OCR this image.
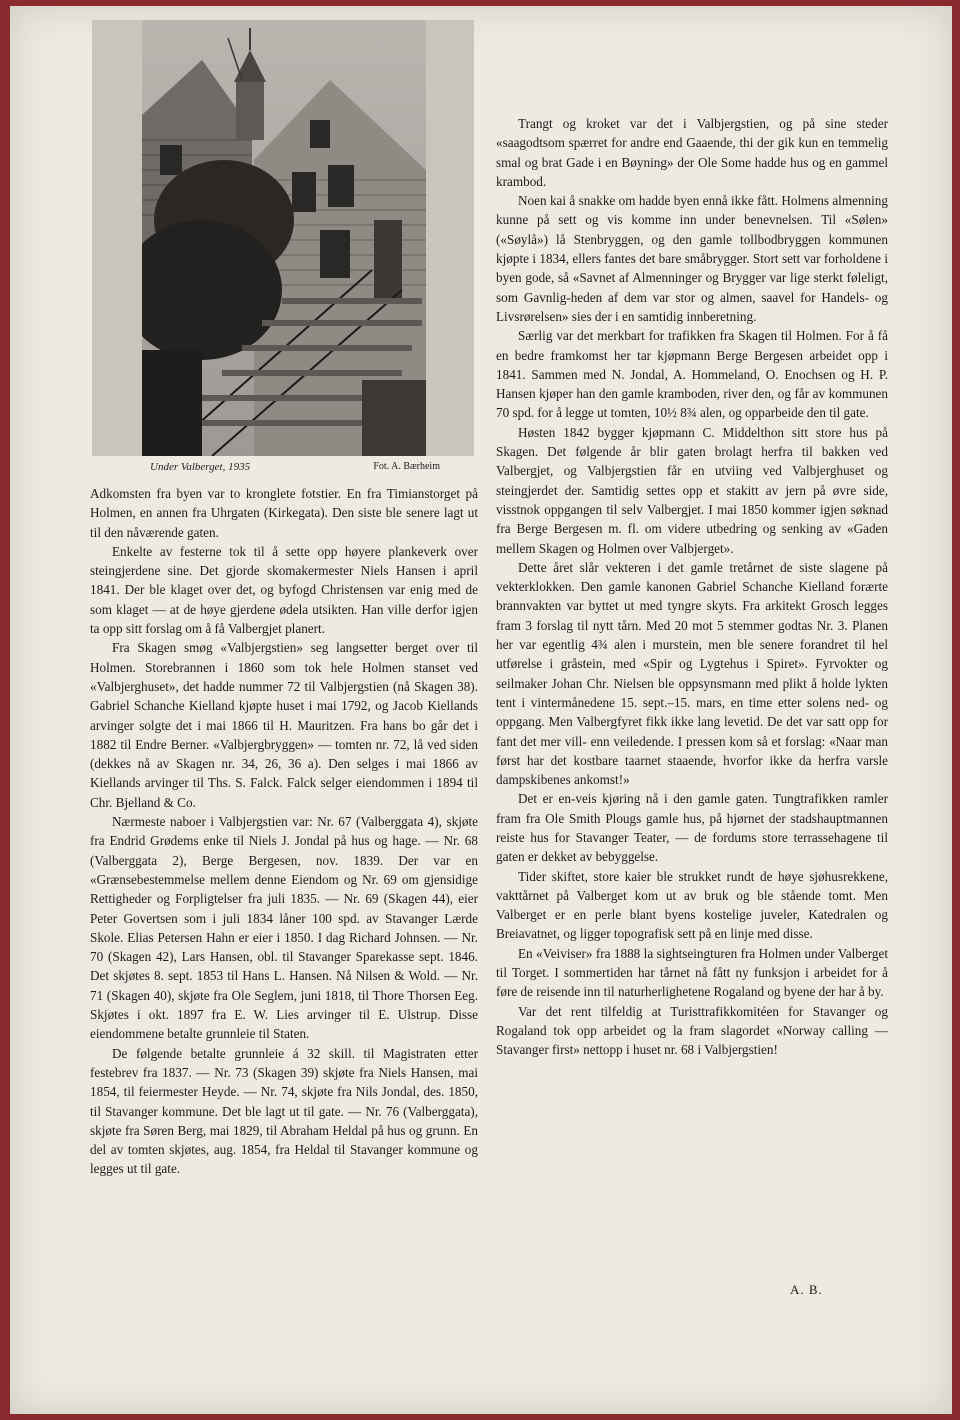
Under Valberget, 1935	Fot. A. Bærheim

Adkomsten fra byen var to kronglete fotstier. En fra Timianstorget på Holmen, en annen fra Uhrgaten (Kirkegata). Den siste ble senere lagt ut til den nåværende gaten.

Enkelte av festerne tok til å sette opp høyere plankeverk over steingjerdene sine. Det gjorde skomakermester Niels Hansen i april 1841. Der ble klaget over det, og byfogd Christensen var enig med de som klaget — at de høye gjerdene ødela utsikten. Han ville derfor igjen ta opp sitt forslag om å få Valbergjet planert.

Fra Skagen smøg «Valbjergstien» seg langsetter berget over til Holmen. Storebrannen i 1860 som tok hele Holmen stanset ved «Valbjerghuset», det hadde nummer 72 til Valbjergstien (nå Skagen 38). Gabriel Schanche Kielland kjøpte huset i mai 1792, og Jacob Kiellands arvinger solgte det i mai 1866 til H. Mauritzen. Fra hans bo går det i 1882 til Endre Berner. «Valbjergbryggen» — tomten nr. 72, lå ved siden (dekkes nå av Skagen nr. 34, 26, 36 a). Den selges i mai 1866 av Kiellands arvinger til Ths. S. Falck. Falck selger eiendommen i 1894 til Chr. Bjelland & Co.

Nærmeste naboer i Valbjergstien var: Nr. 67 (Valberggata 4), skjøte fra Endrid Grødems enke til Niels J. Jondal på hus og hage. — Nr. 68 (Valberggata 2), Berge Bergesen, nov. 1839. Der var en «Grænsebestemmelse mellem denne Eiendom og Nr. 69 om gjensidige Rettigheder og Forpligtelser fra juli 1835. — Nr. 69 (Skagen 44), eier Peter Govertsen som i juli 1834 låner 100 spd. av Stavanger Lærde Skole. Elias Petersen Hahn er eier i 1850. I dag Richard Johnsen. — Nr. 70 (Skagen 42), Lars Hansen, obl. til Stavanger Sparekasse sept. 1846. Det skjøtes 8. sept. 1853 til Hans L. Hansen. Nå Nilsen & Wold. — Nr. 71 (Skagen 40), skjøte fra Ole Seglem, juni 1818, til Thore Thorsen Eeg. Skjøtes i okt. 1897 fra E. W. Lies arvinger til E. Ulstrup. Disse eiendommene betalte grunnleie til Staten.

De følgende betalte grunnleie á 32 skill. til Magistraten etter festebrev fra 1837. — Nr. 73 (Skagen 39) skjøte fra Niels Hansen, mai 1854, til feiermester Heyde. — Nr. 74, skjøte fra Nils Jondal, des. 1850, til Stavanger kommune. Det ble lagt ut til gate. — Nr. 76 (Valberggata), skjøte fra Søren Berg, mai 1829, til Abraham Heldal på hus og grunn. En del av tomten skjøtes, aug. 1854, fra Heldal til Stavanger kommune og legges ut til gate.

Trangt og kroket var det i Valbjergstien, og på sine steder «saagodtsom spærret for andre end Gaaende, thi der gik kun en temmelig smal og brat Gade i en Bøyning» der Ole Some hadde hus og en gammel krambod.

Noen kai å snakke om hadde byen ennå ikke fått. Holmens almenning kunne på sett og vis komme inn under benevnelsen. Til «Sølen» («Søylå») lå Stenbryggen, og den gamle tollbodbryggen kommunen kjøpte i 1834, ellers fantes det bare småbrygger. Stort sett var forholdene i byen gode, så «Savnet af Almenninger og Brygger var lige sterkt føleligt, som Gavnlig-heden af dem var stor og almen, saavel for Handels- og Livsrørelsen» sies der i en samtidig innberetning.

Særlig var det merkbart for trafikken fra Skagen til Holmen. For å få en bedre framkomst her tar kjøpmann Berge Bergesen arbeidet opp i 1841. Sammen med N. Jondal, A. Hommeland, O. Enochsen og H. P. Hansen kjøper han den gamle kramboden, river den, og får av kommunen 70 spd. for å legge ut tomten, 10½ 8¾ alen, og opparbeide den til gate.

Høsten 1842 bygger kjøpmann C. Middelthon sitt store hus på Skagen. Det følgende år blir gaten brolagt herfra til bakken ved Valbergjet, og Valbjergstien får en utviing ved Valbjerghuset og steingjerdet der. Samtidig settes opp et stakitt av jern på øvre side, visstnok oppgangen til selv Valbergjet. I mai 1850 kommer igjen søknad fra Berge Bergesen m. fl. om videre utbedring og senking av «Gaden mellem Skagen og Holmen over Valbjerget».

Dette året slår vekteren i det gamle tretårnet de siste slagene på vekterklokken. Den gamle kanonen Gabriel Schanche Kielland forærte brannvakten var byttet ut med tyngre skyts. Fra arkitekt Grosch legges fram 3 forslag til nytt tårn. Med 20 mot 5 stemmer godtas Nr. 3. Planen her var egentlig 4¾ alen i murstein, men ble senere forandret til hel utførelse i gråstein, med «Spir og Lygtehus i Spiret». Fyrvokter og seilmaker Johan Chr. Nielsen ble oppsynsmann med plikt å holde lykten tent i vintermånedene 15. sept.–15. mars, en time etter solens ned- og oppgang. Men Valbergfyret fikk ikke lang levetid. De det var satt opp for fant det mer vill- enn veiledende. I pressen kom så et forslag: «Naar man først har det kostbare taarnet staaende, hvorfor ikke da herfra varsle dampskibenes ankomst!»

Det er en-veis kjøring nå i den gamle gaten. Tungtrafikken ramler fram fra Ole Smith Plougs gamle hus, på hjørnet der stadshauptmannen reiste hus for Stavanger Teater, — de fordums store terrassehagene til gaten er dekket av bebyggelse.

Tider skiftet, store kaier ble strukket rundt de høye sjøhusrekkene, vakttårnet på Valberget kom ut av bruk og ble stående tomt. Men Valberget er en perle blant byens kostelige juveler, Katedralen og Breiavatnet, og ligger topografisk sett på en linje med disse.

En «Veiviser» fra 1888 la sightseingturen fra Holmen under Valberget til Torget. I sommertiden har tårnet nå fått ny funksjon i arbeidet for å føre de reisende inn til naturherlighetene Rogaland og byene der har å by.

Var det rent tilfeldig at Turisttrafikkomitéen for Stavanger og Rogaland tok opp arbeidet og la fram slagordet «Norway calling — Stavanger first» nettopp i huset nr. 68 i Valbjergstien!

A. B.
